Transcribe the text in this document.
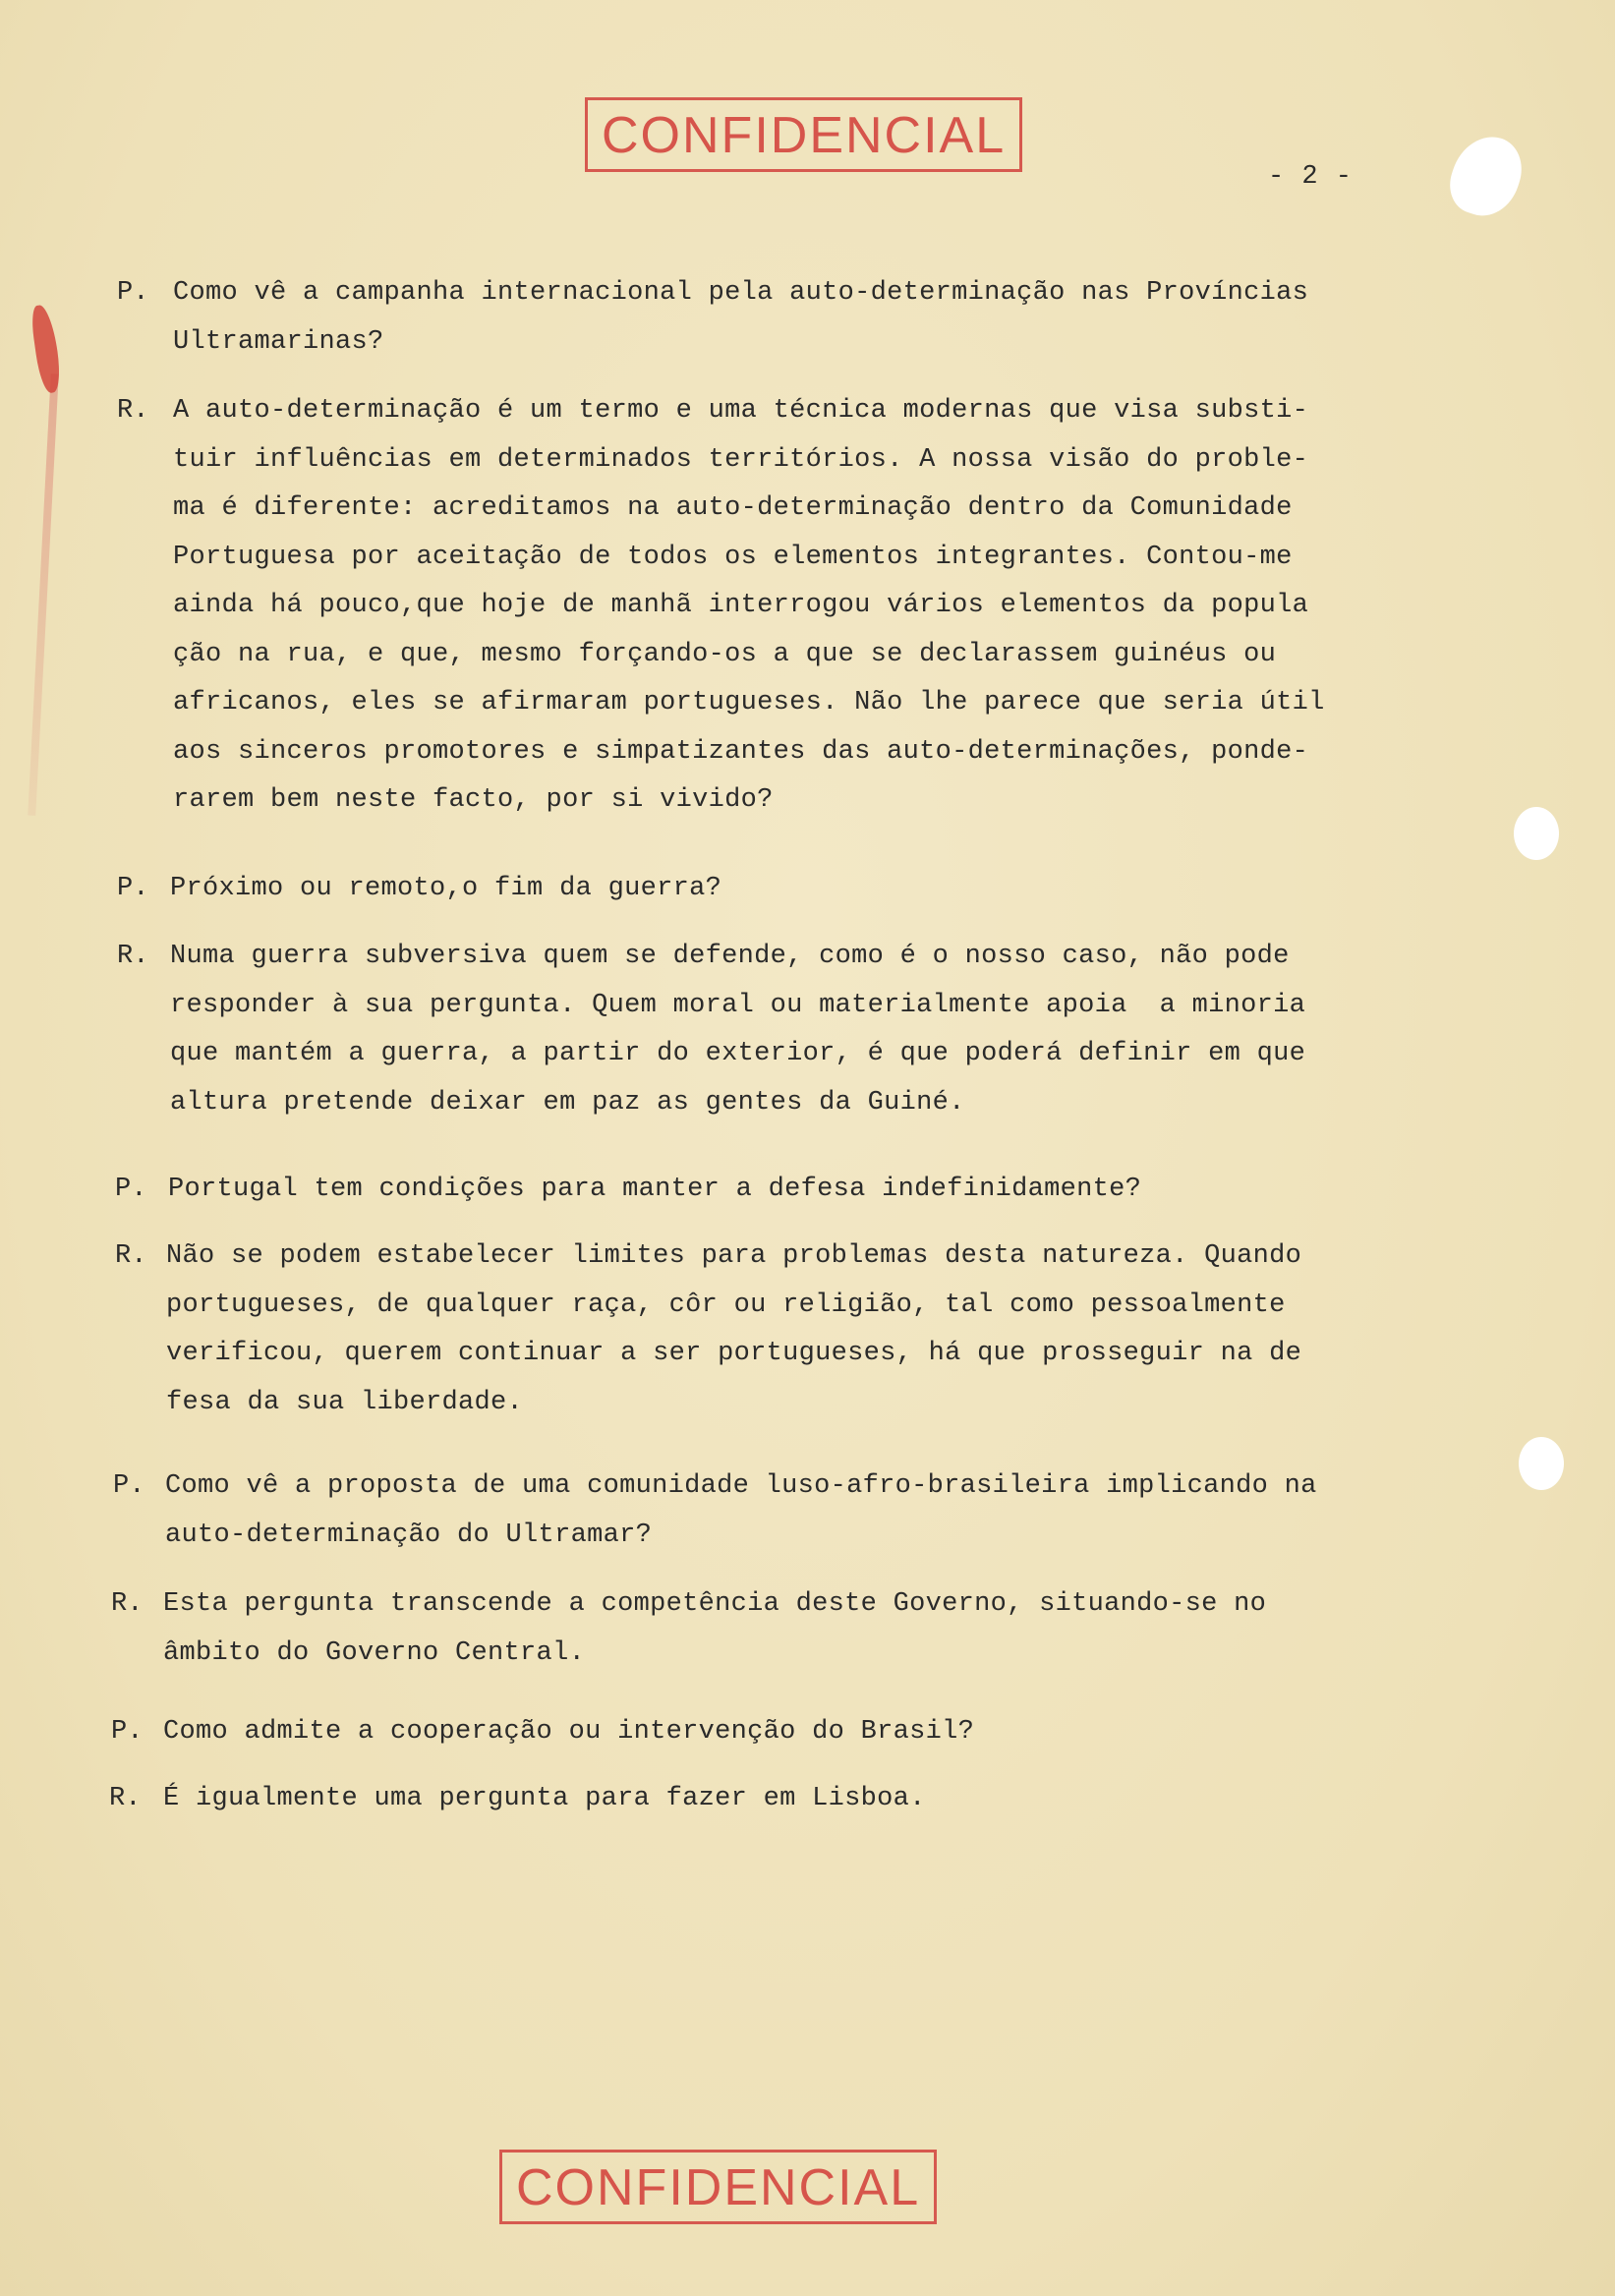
CONFIDENCIAL
- 2 -
P. Como vê a campanha internacional pela auto-determinação nas Províncias
Ultramarinas?
R. A auto-determinação é um termo e uma técnica modernas que visa substi-
tuir influências em determinados territórios. A nossa visão do proble-
ma é diferente: acreditamos na auto-determinação dentro da Comunidade
Portuguesa por aceitação de todos os elementos integrantes. Contou-me
ainda há pouco,que hoje de manhã interrogou vários elementos da popula
ção na rua, e que, mesmo forçando-os a que se declarassem guinéus ou
africanos, eles se afirmaram portugueses. Não lhe parece que seria útil
aos sinceros promotores e simpatizantes das auto-determinações, ponde-
rarem bem neste facto, por si vivido?
P. Próximo ou remoto,o fim da guerra?
R. Numa guerra subversiva quem se defende, como é o nosso caso, não pode
responder à sua pergunta. Quem moral ou materialmente apoia  a minoria
que mantém a guerra, a partir do exterior, é que poderá definir em que
altura pretende deixar em paz as gentes da Guiné.
P. Portugal tem condições para manter a defesa indefinidamente?
R. Não se podem estabelecer limites para problemas desta natureza. Quando
portugueses, de qualquer raça, côr ou religião, tal como pessoalmente
verificou, querem continuar a ser portugueses, há que prosseguir na de
fesa da sua liberdade.
P. Como vê a proposta de uma comunidade luso-afro-brasileira implicando na
auto-determinação do Ultramar?
R. Esta pergunta transcende a competência deste Governo, situando-se no
âmbito do Governo Central.
P. Como admite a cooperação ou intervenção do Brasil?
R. É igualmente uma pergunta para fazer em Lisboa.
CONFIDENCIAL
